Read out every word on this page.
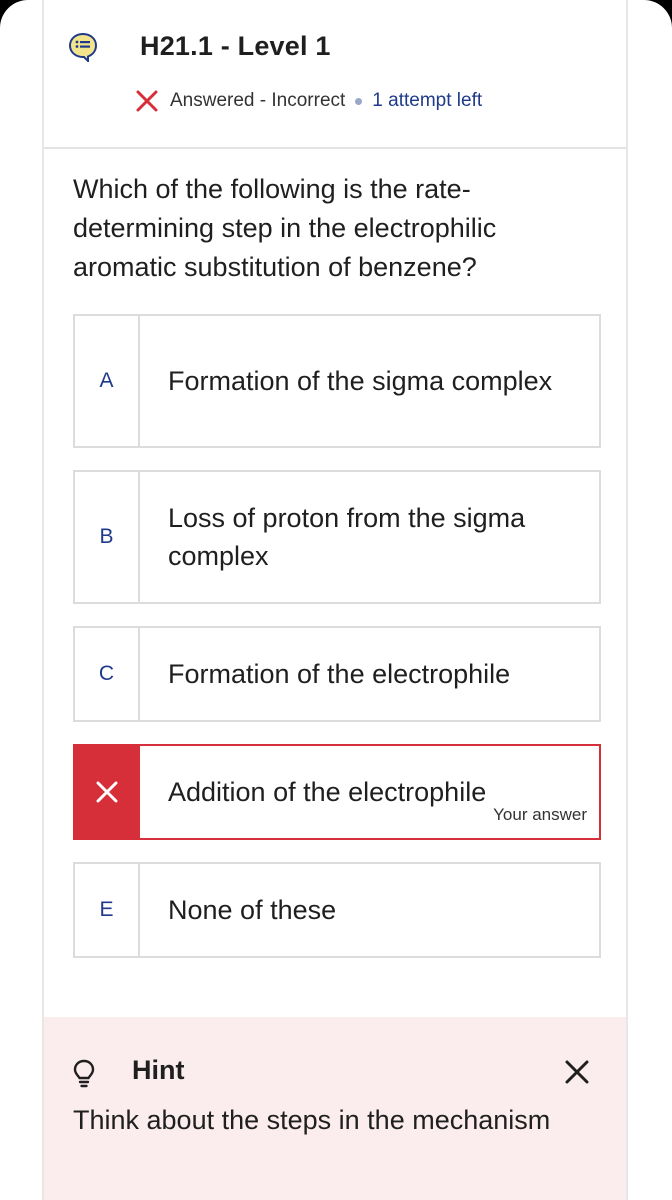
H21.1 - Level 1
Answered - Incorrect 1 attempt left
Which of the following is the rate-determining step in the electrophilic aromatic substitution of benzene?
A	Formation of the sigma complex
B
Loss of proton from the sigma complex
C	Formation of the electrophile
Addition of the electrophile
Your answer
E	None of these
Hint
Think about the steps in the mechanism
